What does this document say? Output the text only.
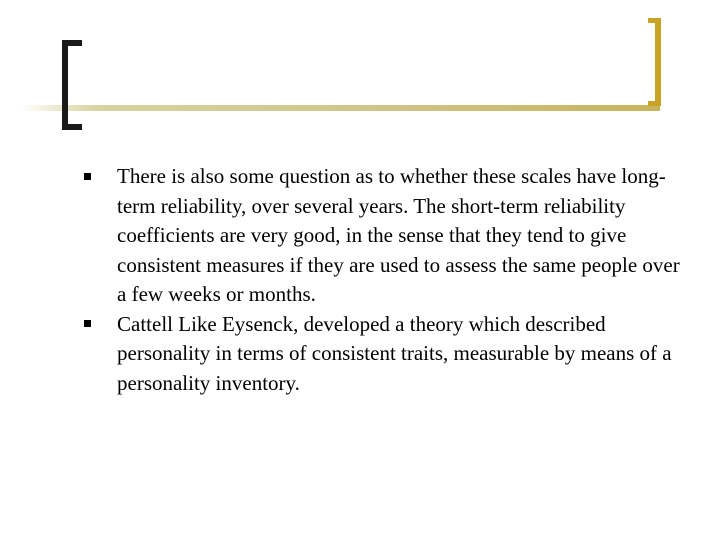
There is also some question as to whether these scales have long-term reliability, over several years. The short-term reliability coefficients are very good, in the sense that they tend to give consistent measures if they are used to assess the same people over a few weeks or months.
Cattell Like Eysenck, developed a theory which described personality in terms of consistent traits, measurable by means of a personality inventory.
